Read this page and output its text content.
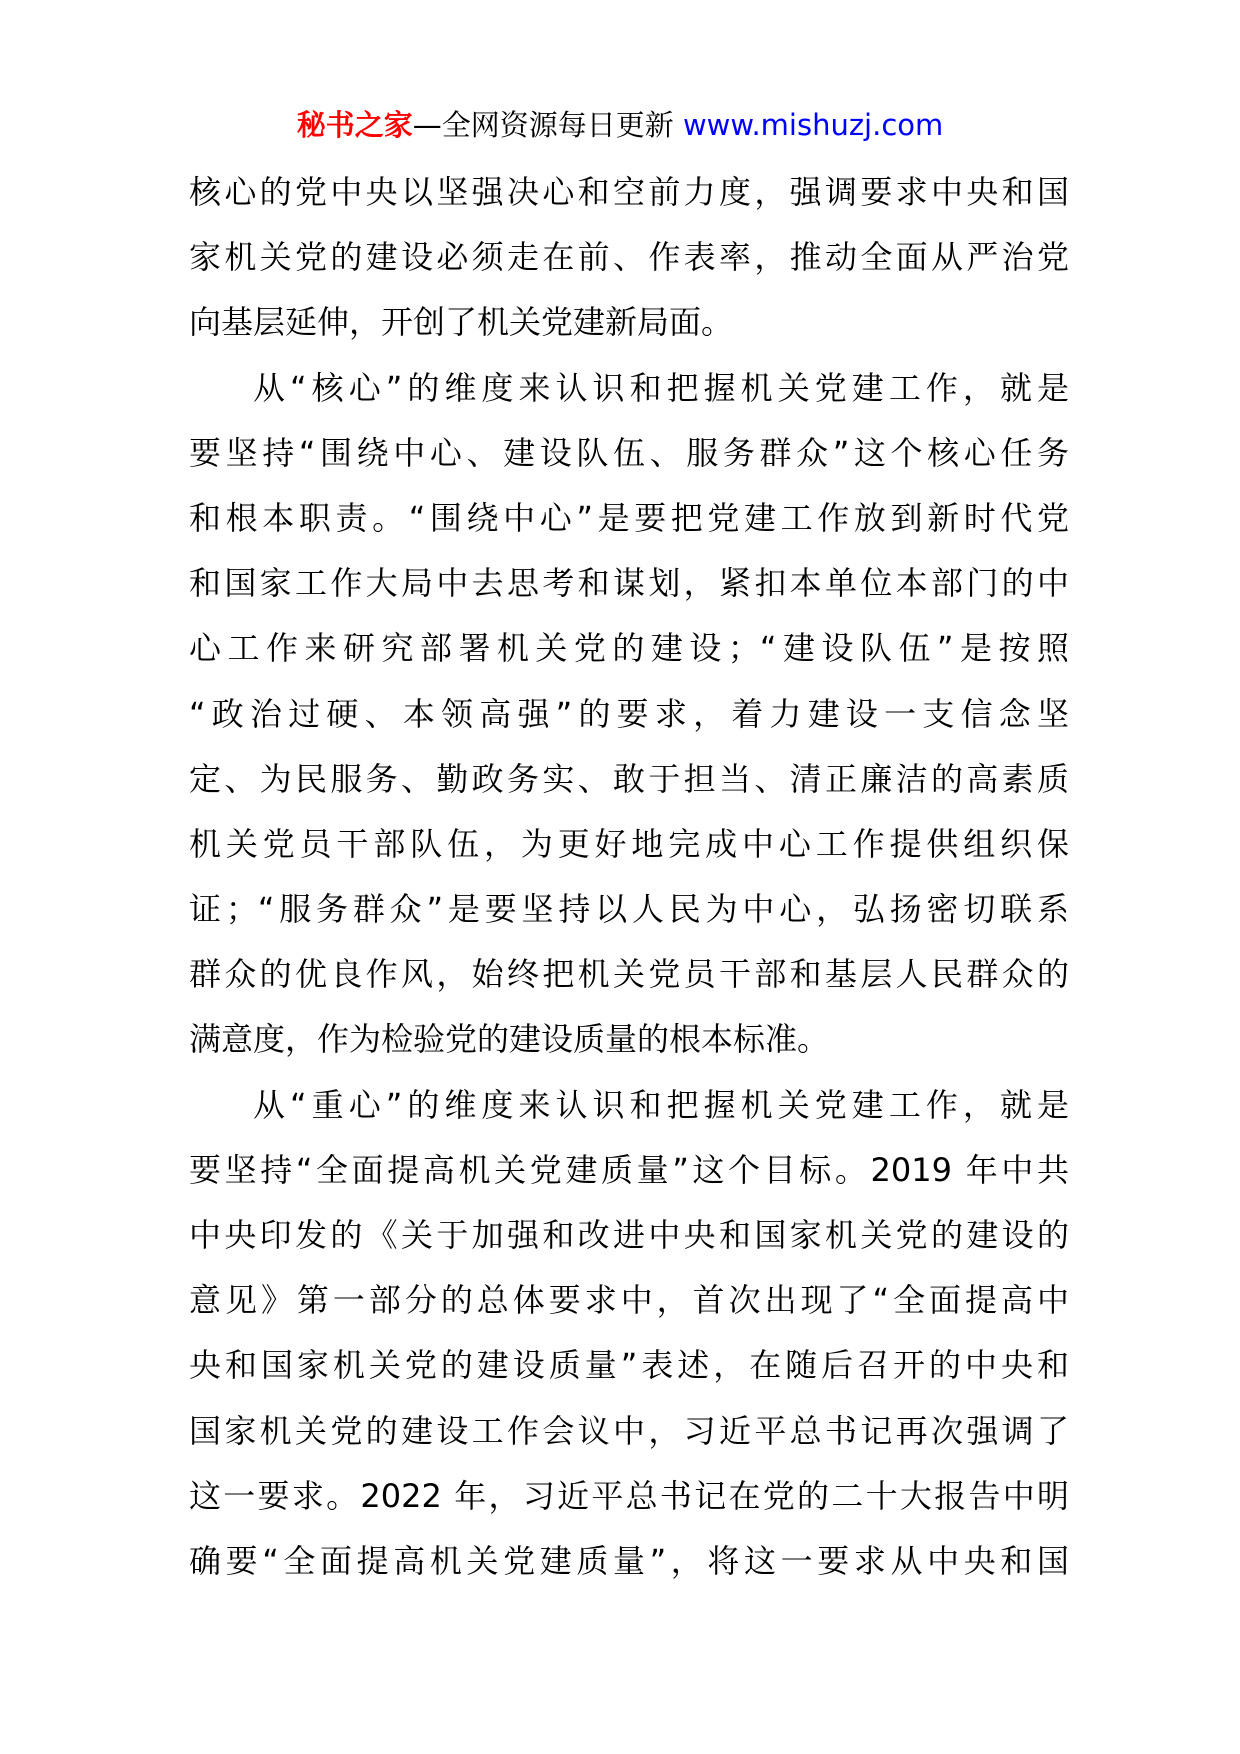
秘书之家—全网资源每日更新 www.mishuzj.com
核心的党中央以坚强决心和空前力度，强调要求中央和国
家机关党的建设必须走在前、作表率，推动全面从严治党
向基层延伸，开创了机关党建新局面。
从“核心”的维度来认识和把握机关党建工作，就是
要坚持“围绕中心、建设队伍、服务群众”这个核心任务
和根本职责。“围绕中心”是要把党建工作放到新时代党
和国家工作大局中去思考和谋划，紧扣本单位本部门的中
心工作来研究部署机关党的建设；“建设队伍”是按照
“政治过硬、本领高强”的要求，着力建设一支信念坚
定、为民服务、勤政务实、敢于担当、清正廉洁的高素质
机关党员干部队伍，为更好地完成中心工作提供组织保
证；“服务群众”是要坚持以人民为中心，弘扬密切联系
群众的优良作风，始终把机关党员干部和基层人民群众的
满意度，作为检验党的建设质量的根本标准。
从“重心”的维度来认识和把握机关党建工作，就是
要坚持“全面提高机关党建质量”这个目标。2019 年中共
中央印发的《关于加强和改进中央和国家机关党的建设的
意见》第一部分的总体要求中，首次出现了“全面提高中
央和国家机关党的建设质量”表述，在随后召开的中央和
国家机关党的建设工作会议中，习近平总书记再次强调了
这一要求。2022 年，习近平总书记在党的二十大报告中明
确要“全面提高机关党建质量”，将这一要求从中央和国
